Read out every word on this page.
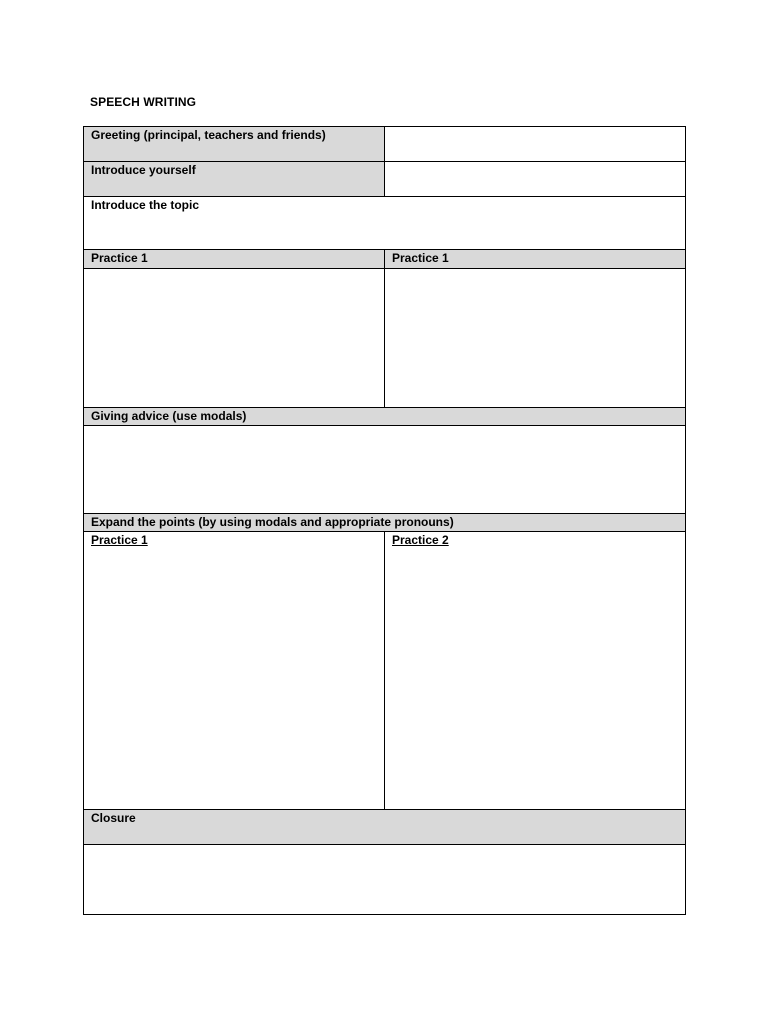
SPEECH WRITING
Greeting (principal, teachers and friends)
Introduce yourself
Introduce the topic
Practice 1	Practice 1
Giving advice (use modals)
Expand the points (by using modals and appropriate pronouns)
Practice 1	Practice 2
Closure
